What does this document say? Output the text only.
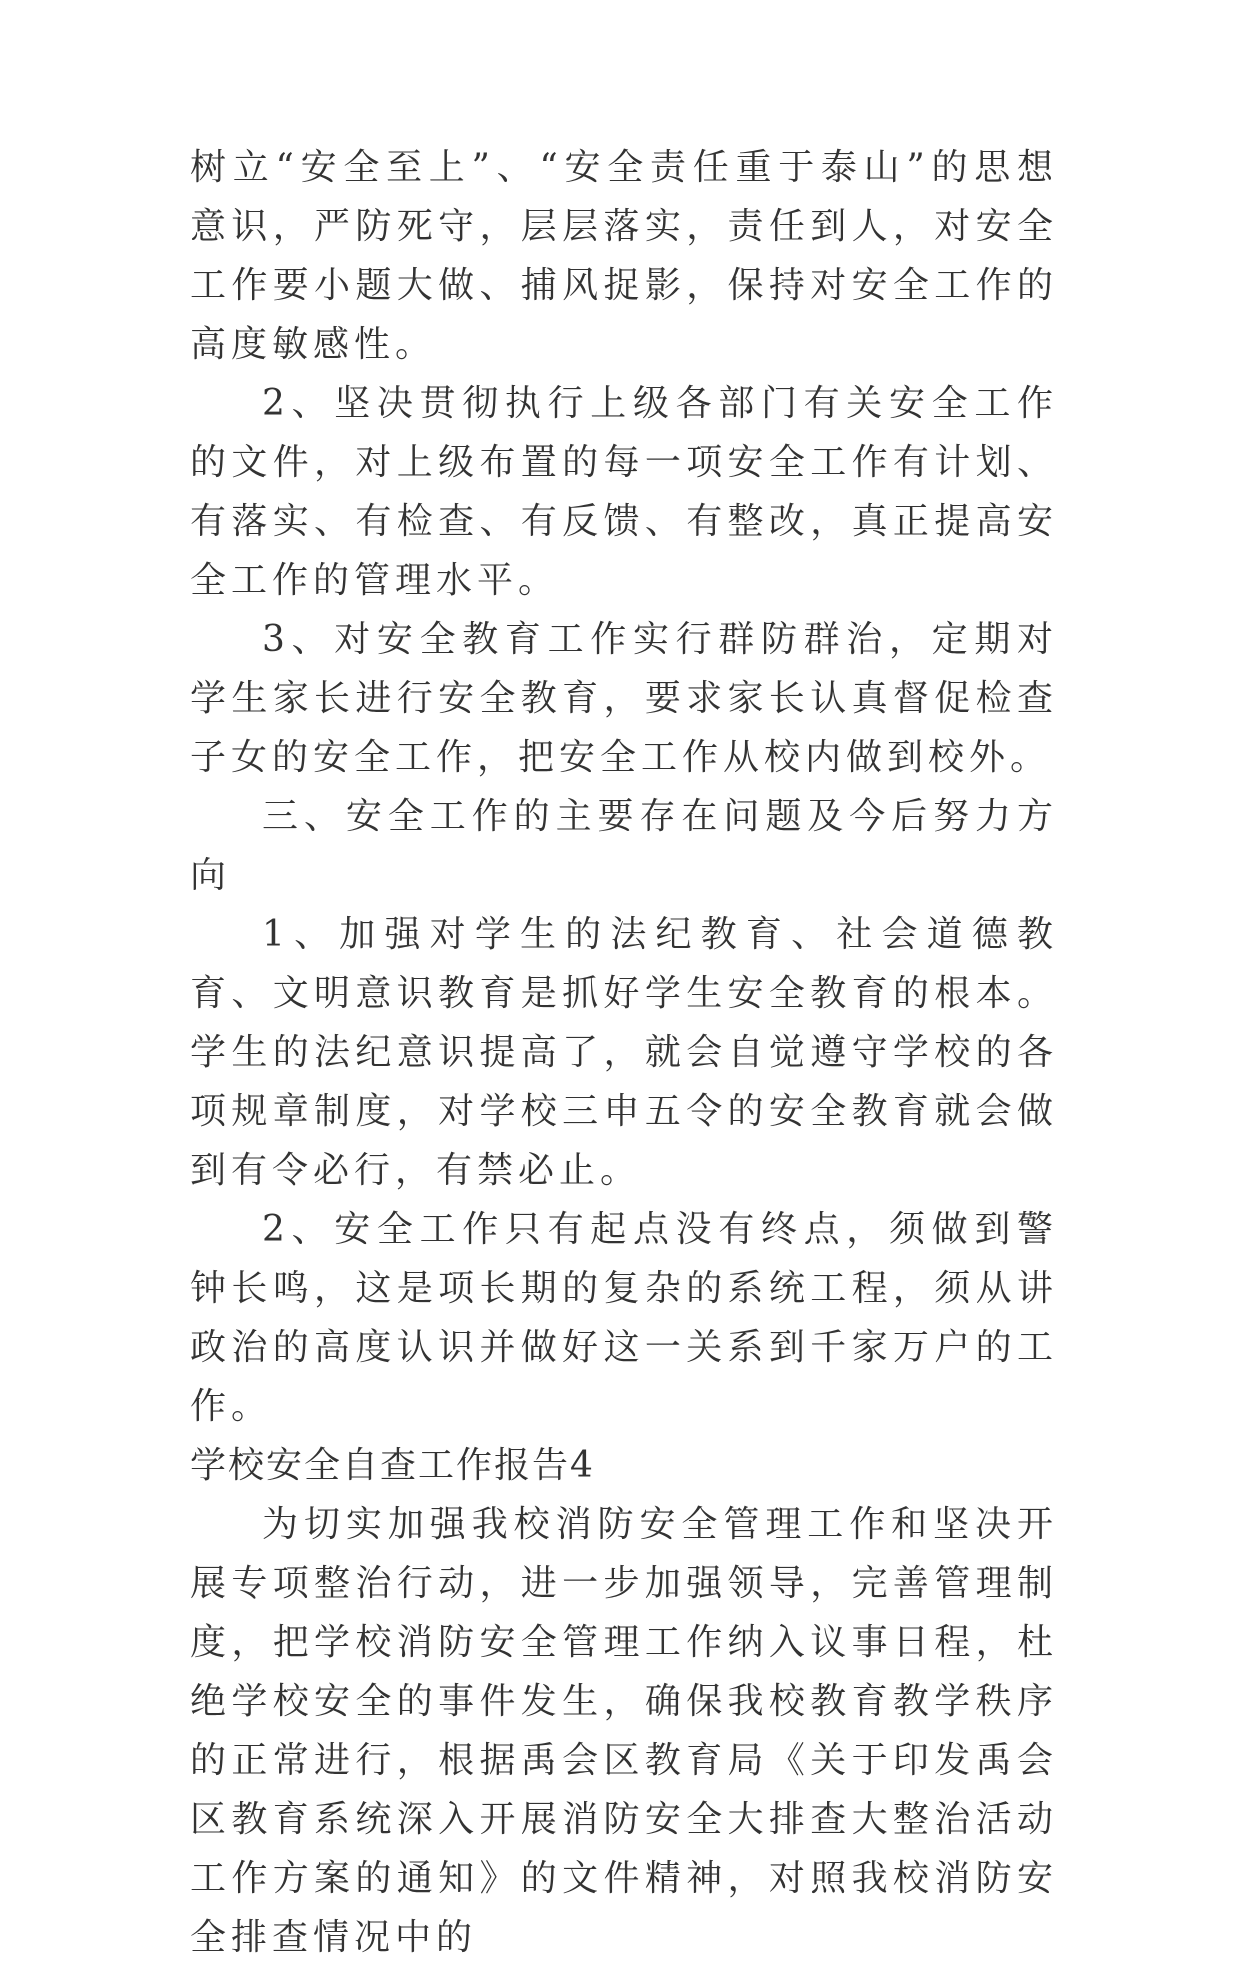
树立“安全至上”、“安全责任重于泰山”的思想意识，严防死守，层层落实，责任到人，对安全工作要小题大做、捕风捉影，保持对安全工作的高度敏感性。

2、坚决贯彻执行上级各部门有关安全工作的文件，对上级布置的每一项安全工作有计划、有落实、有检查、有反馈、有整改，真正提高安全工作的管理水平。

3、对安全教育工作实行群防群治，定期对学生家长进行安全教育，要求家长认真督促检查子女的安全工作，把安全工作从校内做到校外。

三、安全工作的主要存在问题及今后努力方向

1、加强对学生的法纪教育、社会道德教育、文明意识教育是抓好学生安全教育的根本。学生的法纪意识提高了，就会自觉遵守学校的各项规章制度，对学校三申五令的安全教育就会做到有令必行，有禁必止。

2、安全工作只有起点没有终点，须做到警钟长鸣，这是项长期的复杂的系统工程，须从讲政治的高度认识并做好这一关系到千家万户的工作。

学校安全自查工作报告4

为切实加强我校消防安全管理工作和坚决开展专项整治行动，进一步加强领导，完善管理制度，把学校消防安全管理工作纳入议事日程，杜绝学校安全的事件发生，确保我校教育教学秩序的正常进行，根据禹会区教育局《关于印发禹会区教育系统深入开展消防安全大排查大整治活动工作方案的通知》的文件精神，对照我校消防安全排查情况中的
